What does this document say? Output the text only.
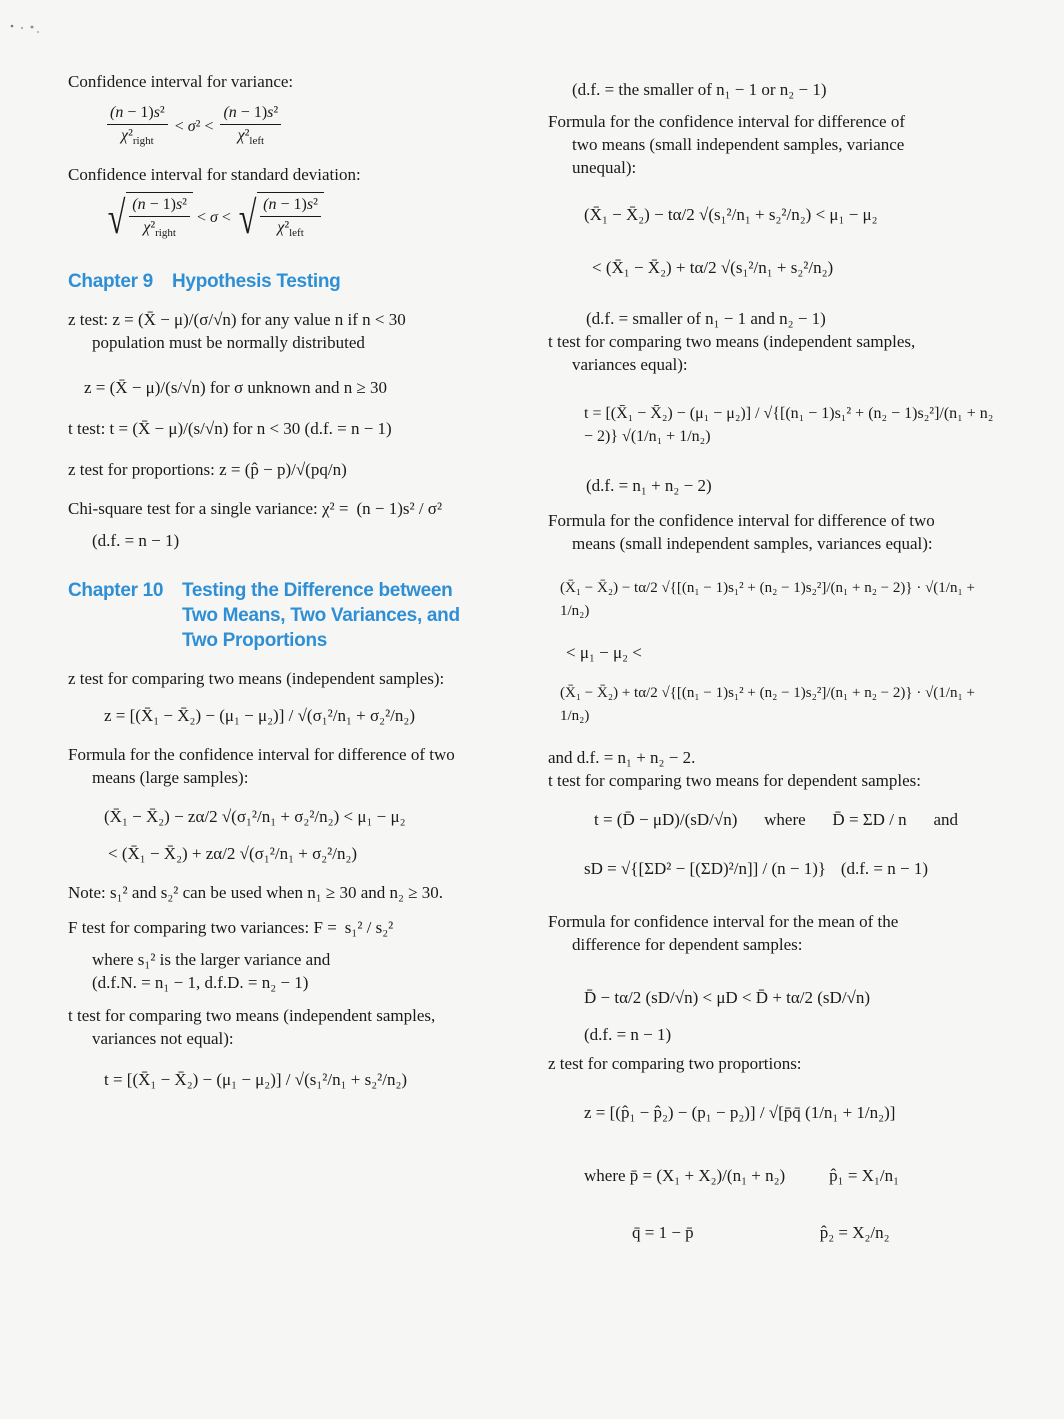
Confidence interval for variance:

$\frac{\text{(n − 1)s²}}{\chi^2_{right}} < \sigma^2 < \frac{\text{(n − 1)s²}}{\chi^2_{left}}$

Confidence interval for standard deviation:

√ $\frac{\text{(n − 1)s²}}{\chi^2_{right}} < \sigma$ < √ $\frac{\text{(n − 1)s²}}{\chi^2_{left}}$
Chapter 9	Hypothesis Testing

z test: z = (X̄ − μ)/(σ/√n) for any value n if n < 30

population must be normally distributed

z = (X̄ − μ)/(s/√n) for σ unknown and n ≥ 30

t test: t = (X̄ − μ)/(s/√n) for n < 30 (d.f. = n − 1)

z test for proportions: z = (p̂ − p)/√(pq/n)

Chi-square test for a single variance: χ² = (n − 1)s² / σ²

(d.f. = n − 1)

Chapter 10 Testing the Difference between
Two Means, Two Variances, and
Two Proportions

z test for comparing two means (independent samples):

z = [(X̄₁ − X̄₂) − (μ₁ − μ₂)] / √(σ₁²/n₁ + σ₂²/n₂)

Formula for the confidence interval for difference of two

means (large samples):

(X̄₁ − X̄₂) − zα/2 √(σ₁²/n₁ + σ₂²/n₂) < μ₁ − μ₂

< (X̄₁ − X̄₂) + zα/2 √(σ₁²/n₁ + σ₂²/n₂)

Note: s₁² and s₂² can be used when n₁ ≥ 30 and n₂ ≥ 30.

F test for comparing two variances: F = s₁² / s₂²

where s₁² is the larger variance and

(d.f.N. = n₁ − 1, d.f.D. = n₂ − 1)

t test for comparing two means (independent samples,

variances not equal):

t = [(X̄₁ − X̄₂) − (μ₁ − μ₂)] / √(s₁²/n₁ + s₂²/n₂)

(d.f. = the smaller of n₁ − 1 or n₂ − 1)

Formula for the confidence interval for difference of

two means (small independent samples, variance

unequal):

(X̄₁ − X̄₂) − tα/2 √(s₁²/n₁ + s₂²/n₂) < μ₁ − μ₂

< (X̄₁ − X̄₂) + tα/2 √(s₁²/n₁ + s₂²/n₂)

(d.f. = smaller of n₁ − 1 and n₂ − 1)

t test for comparing two means (independent samples,

variances equal):

t = [(X̄₁ − X̄₂) − (μ₁ − μ₂)] / √{[(n₁ − 1)s₁² + (n₂ − 1)s₂²]/(n₁ + n₂ − 2)} √(1/n₁ + 1/n₂)

(d.f. = n₁ + n₂ − 2)

Formula for the confidence interval for difference of two

means (small independent samples, variances equal):

(X̄₁ − X̄₂) − tα/2 √{[(n₁ − 1)s₁² + (n₂ − 1)s₂²]/(n₁ + n₂ − 2)} · √(1/n₁ + 1/n₂)

< μ₁ − μ₂ <

(X̄₁ − X̄₂) + tα/2 √{[(n₁ − 1)s₁² + (n₂ − 1)s₂²]/(n₁ + n₂ − 2)} · √(1/n₁ + 1/n₂)

and d.f. = n₁ + n₂ − 2.

t test for comparing two means for dependent samples:

t = (D̄ − μD)/(sD/√n) where D̄ = ΣD / n and
sD = √{[ΣD² − [(ΣD)²/n]] / (n − 1)} (d.f. = n − 1)

Formula for confidence interval for the mean of the

difference for dependent samples:

D̄ − tα/2 (sD/√n) < μD < D̄ + tα/2 (sD/√n)

(d.f. = n − 1)

z test for comparing two proportions:

z = [(p̂₁ − p̂₂) − (p₁ − p₂)] / √[p̄q̄ (1/n₁ + 1/n₂)]

where p̄ = (X₁ + X₂)/(n₁ + n₂)	p̂₁ = X₁/n₁
q̄ = 1 − p̄	p̂₂ = X₂/n₂
